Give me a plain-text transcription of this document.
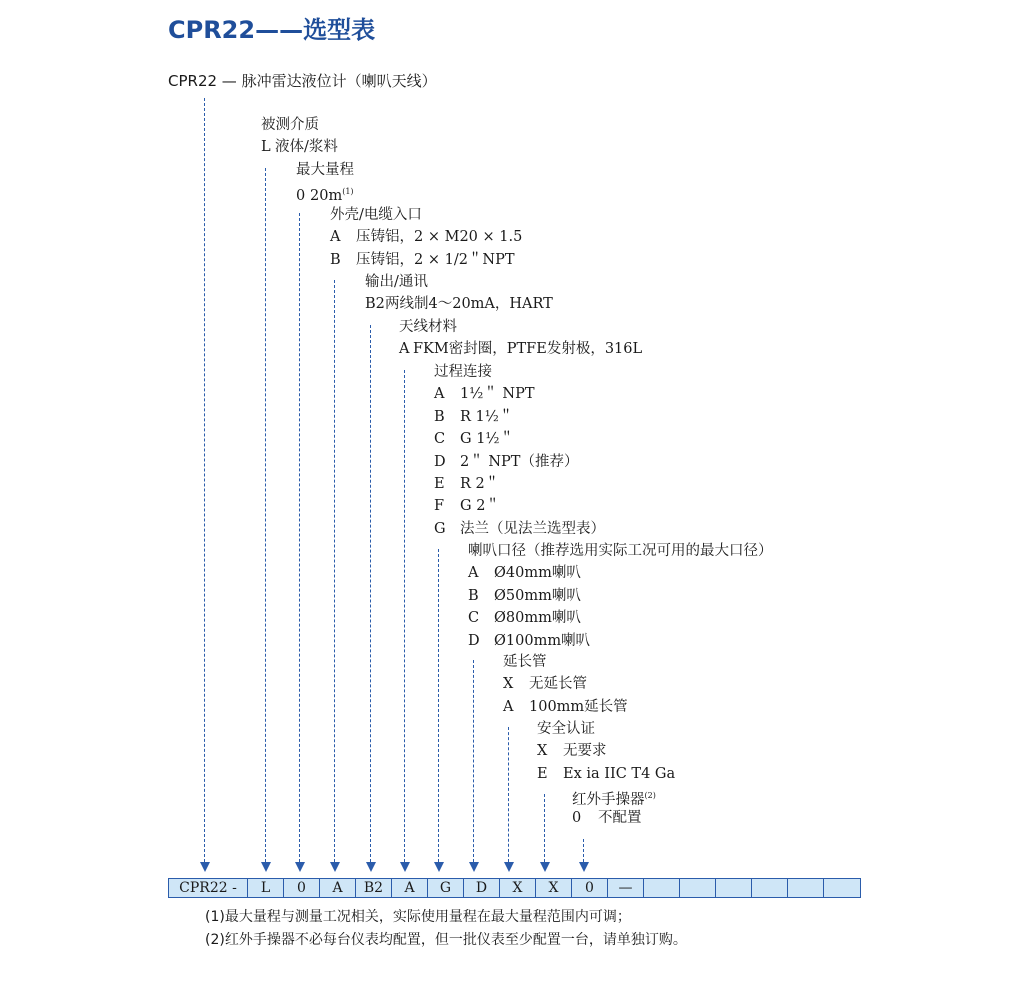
CPR22——选型表
CPR22 — 脉冲雷达液位计（喇叭天线）
被测介质
L 液体/浆料
最大量程
0 $20m^{(1)}$
外壳/电缆入口
A 压铸铝，2 × M20 × 1.5
B 压铸铝，2 × 1/2＂NPT
输出/通讯
B2两线制4～20mA，HART
天线材料
A FKM密封圈，PTFE发射极，316L
过程连接
A 1½＂ NPT
B R 1½＂
C G 1½＂
D 2＂ NPT（推荐）
E R 2＂
F G 2＂
G 法兰（见法兰选型表）
喇叭口径（推荐选用实际工况可用的最大口径）
A Ø40mm喇叭
B Ø50mm喇叭
C Ø80mm喇叭
D Ø100mm喇叭
延长管
X 无延长管
A 100mm延长管
安全认证
X 无要求
E Ex ia IIC T4 Ga
红外手操器$^{(2)}$
0 不配置
CPR22 -	L	0	A	B2	A	G	D	X	X	0	—
(1)最大量程与测量工况相关，实际使用量程在最大量程范围内可调；
(2)红外手操器不必每台仪表均配置，但一批仪表至少配置一台，请单独订购。
